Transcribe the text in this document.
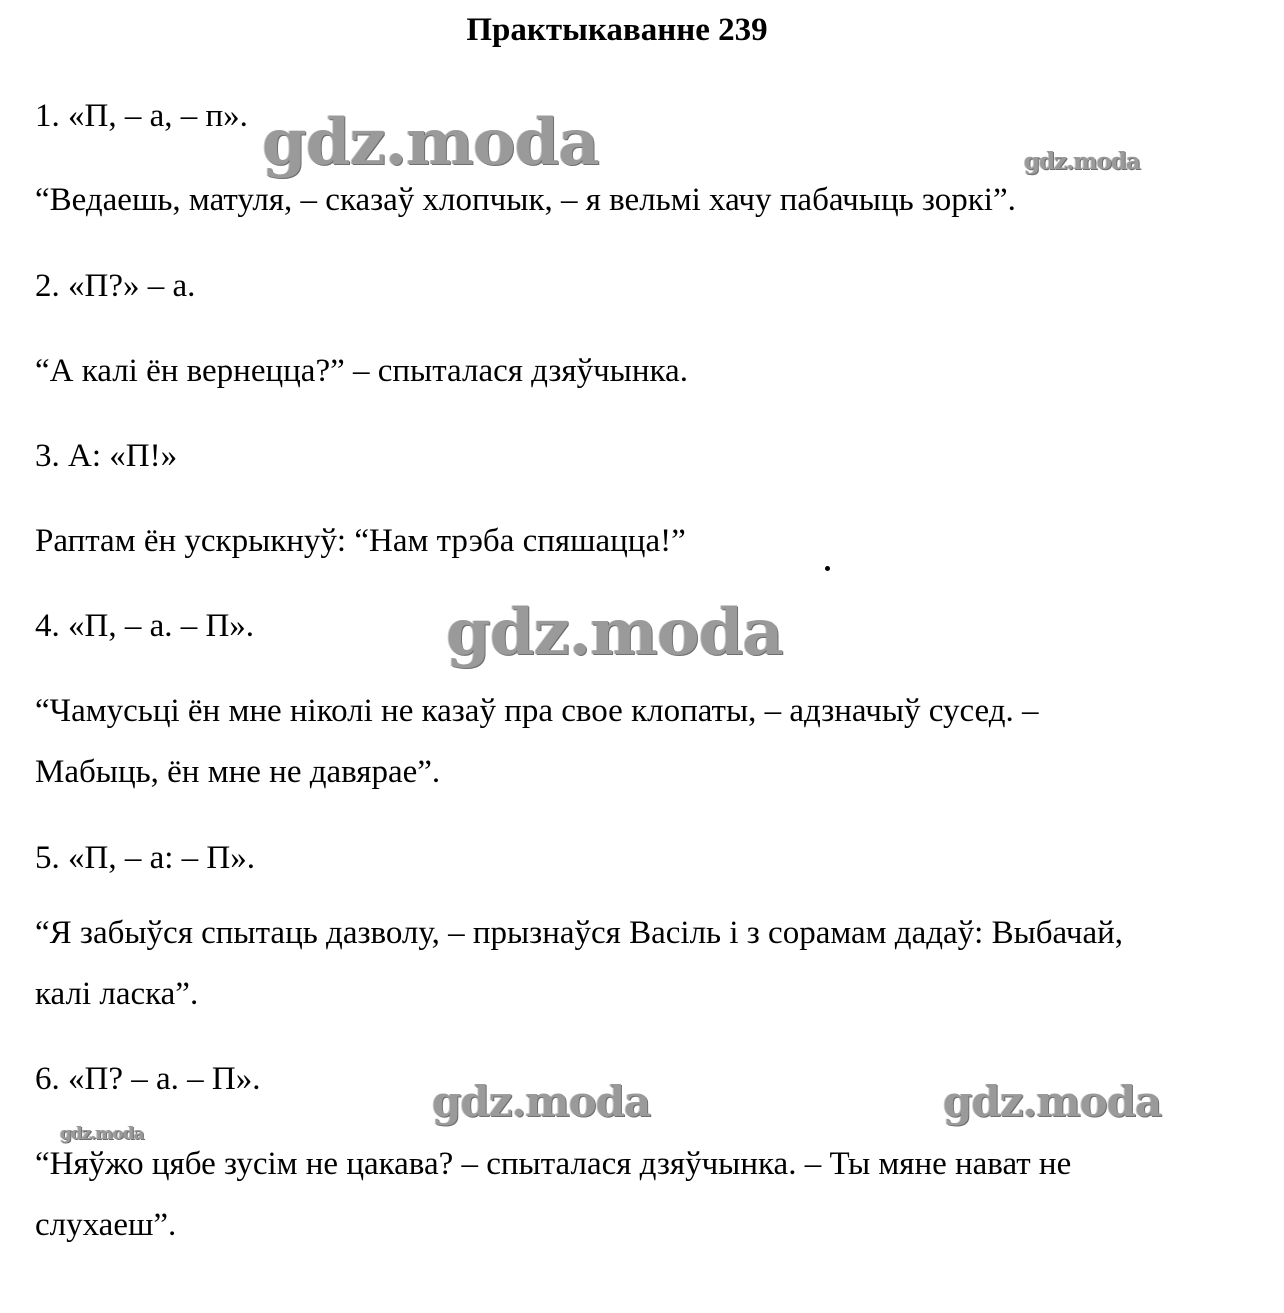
Практыкаванне 239
1. «П, – а, – п».
“Ведаешь, матуля, – сказаў хлопчык, – я вельмі хачу пабачыць зоркі”.
2. «П?» – а.
“А калі ён вернецца?” – спыталася дзяўчынка.
3. А: «П!»
Раптам ён ускрыкнуў: “Нам трэба спяшацца!”
4. «П, – а. – П».
“Чамусьці ён мне ніколі не казаў пра свое клопаты, – адзначыў сусед. –
Мабыць, ён мне не давярае”.
5. «П, – а: – П».
“Я забыўся спытаць дазволу, – прызнаўся Васіль і з сорамам дадаў: Выбачай,
калі ласка”.
6. «П? – а. – П».
“Няўжо цябе зусім не цакава? – спыталася дзяўчынка. – Ты мяне нават не
слухаеш”.
gdz.moda	gdz.moda
gdz.moda
gdz.moda	gdz.moda
gdz.moda
